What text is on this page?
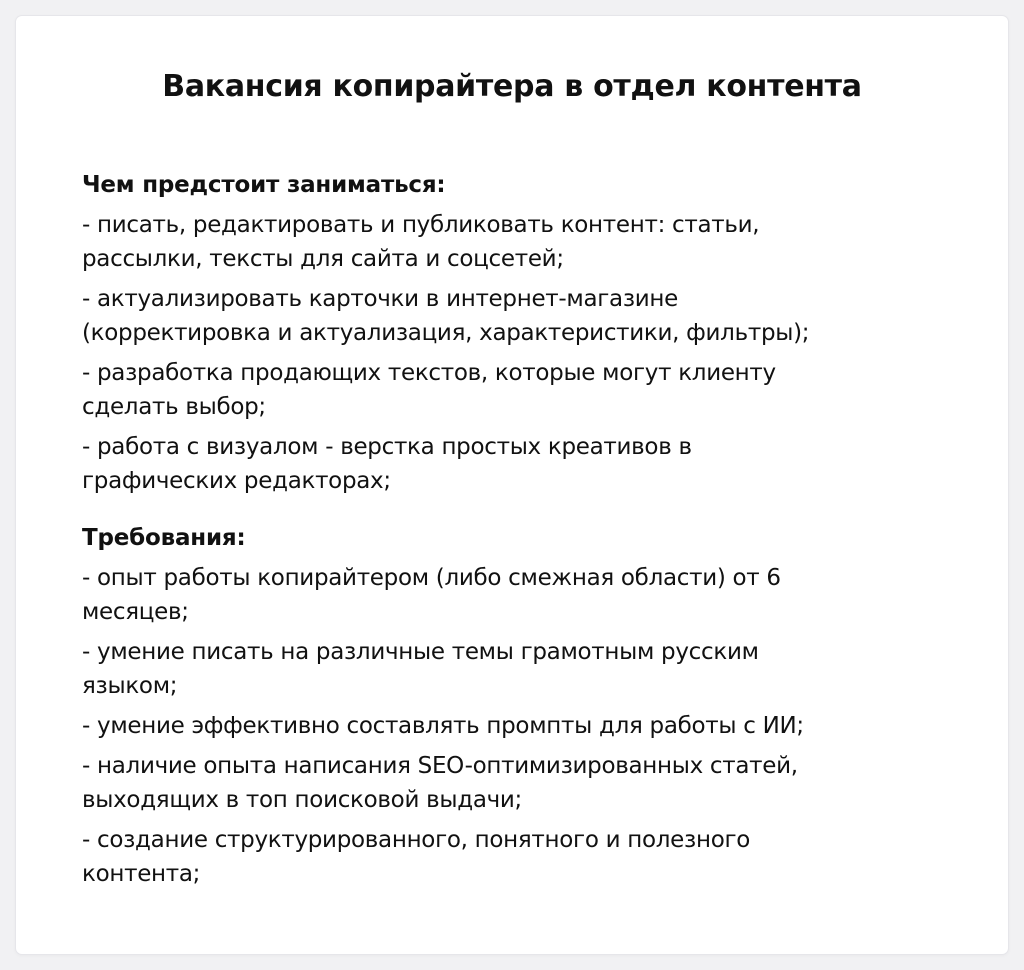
Вакансия копирайтера в отдел контента

Чем предстоит заниматься:

- писать, редактировать и публиковать контент: статьи,
рассылки, тексты для сайта и соцсетей;

- актуализировать карточки в интернет-магазине
(корректировка и актуализация, характеристики, фильтры);

- разработка продающих текстов, которые могут клиенту
сделать выбор;

- работа с визуалом - верстка простых креативов в
графических редакторах;

Требования:

- опыт работы копирайтером (либо смежная области) от 6
месяцев;

- умение писать на различные темы грамотным русским
языком;

- умение эффективно составлять промпты для работы с ИИ;

- наличие опыта написания SEO-оптимизированных статей,
выходящих в топ поисковой выдачи;

- создание структурированного, понятного и полезного
контента;
